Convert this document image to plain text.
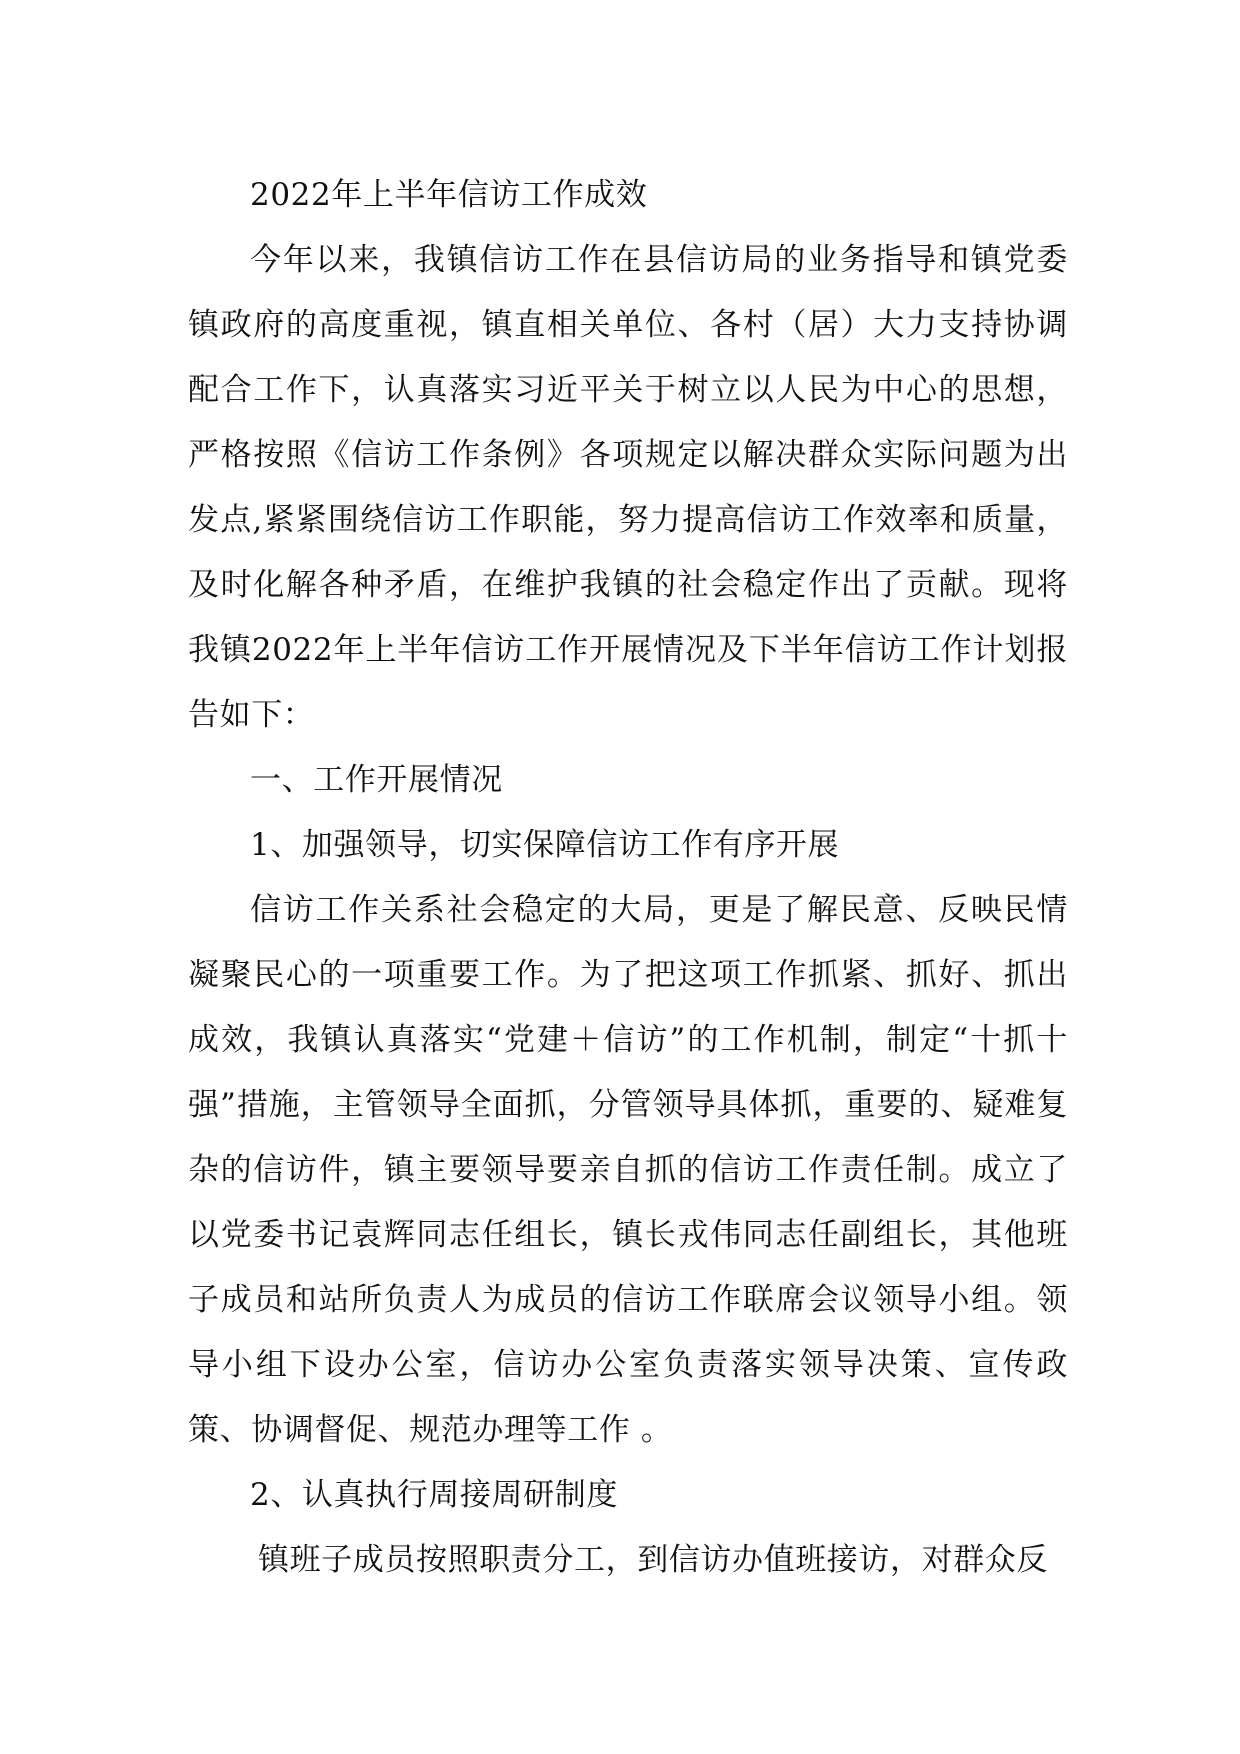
2022年上半年信访工作成效

今年以来，我镇信访工作在县信访局的业务指导和镇党委镇政府的高度重视，镇直相关单位、各村（居）大力支持协调配合工作下，认真落实习近平关于树立以人民为中心的思想，严格按照《信访工作条例》各项规定以解决群众实际问题为出发点,紧紧围绕信访工作职能，努力提高信访工作效率和质量，及时化解各种矛盾，在维护我镇的社会稳定作出了贡献。现将我镇2022年上半年信访工作开展情况及下半年信访工作计划报告如下：

一、工作开展情况

1、加强领导，切实保障信访工作有序开展

信访工作关系社会稳定的大局，更是了解民意、反映民情凝聚民心的一项重要工作。为了把这项工作抓紧、抓好、抓出成效，我镇认真落实“党建＋信访”的工作机制，制定“十抓十强”措施，主管领导全面抓，分管领导具体抓，重要的、疑难复杂的信访件，镇主要领导要亲自抓的信访工作责任制。成立了以党委书记袁辉同志任组长，镇长戎伟同志任副组长，其他班子成员和站所负责人为成员的信访工作联席会议领导小组。领导小组下设办公室，信访办公室负责落实领导决策、宣传政策、协调督促、规范办理等工作 。

2、认真执行周接周研制度

镇班子成员按照职责分工，到信访办值班接访，对群众反
